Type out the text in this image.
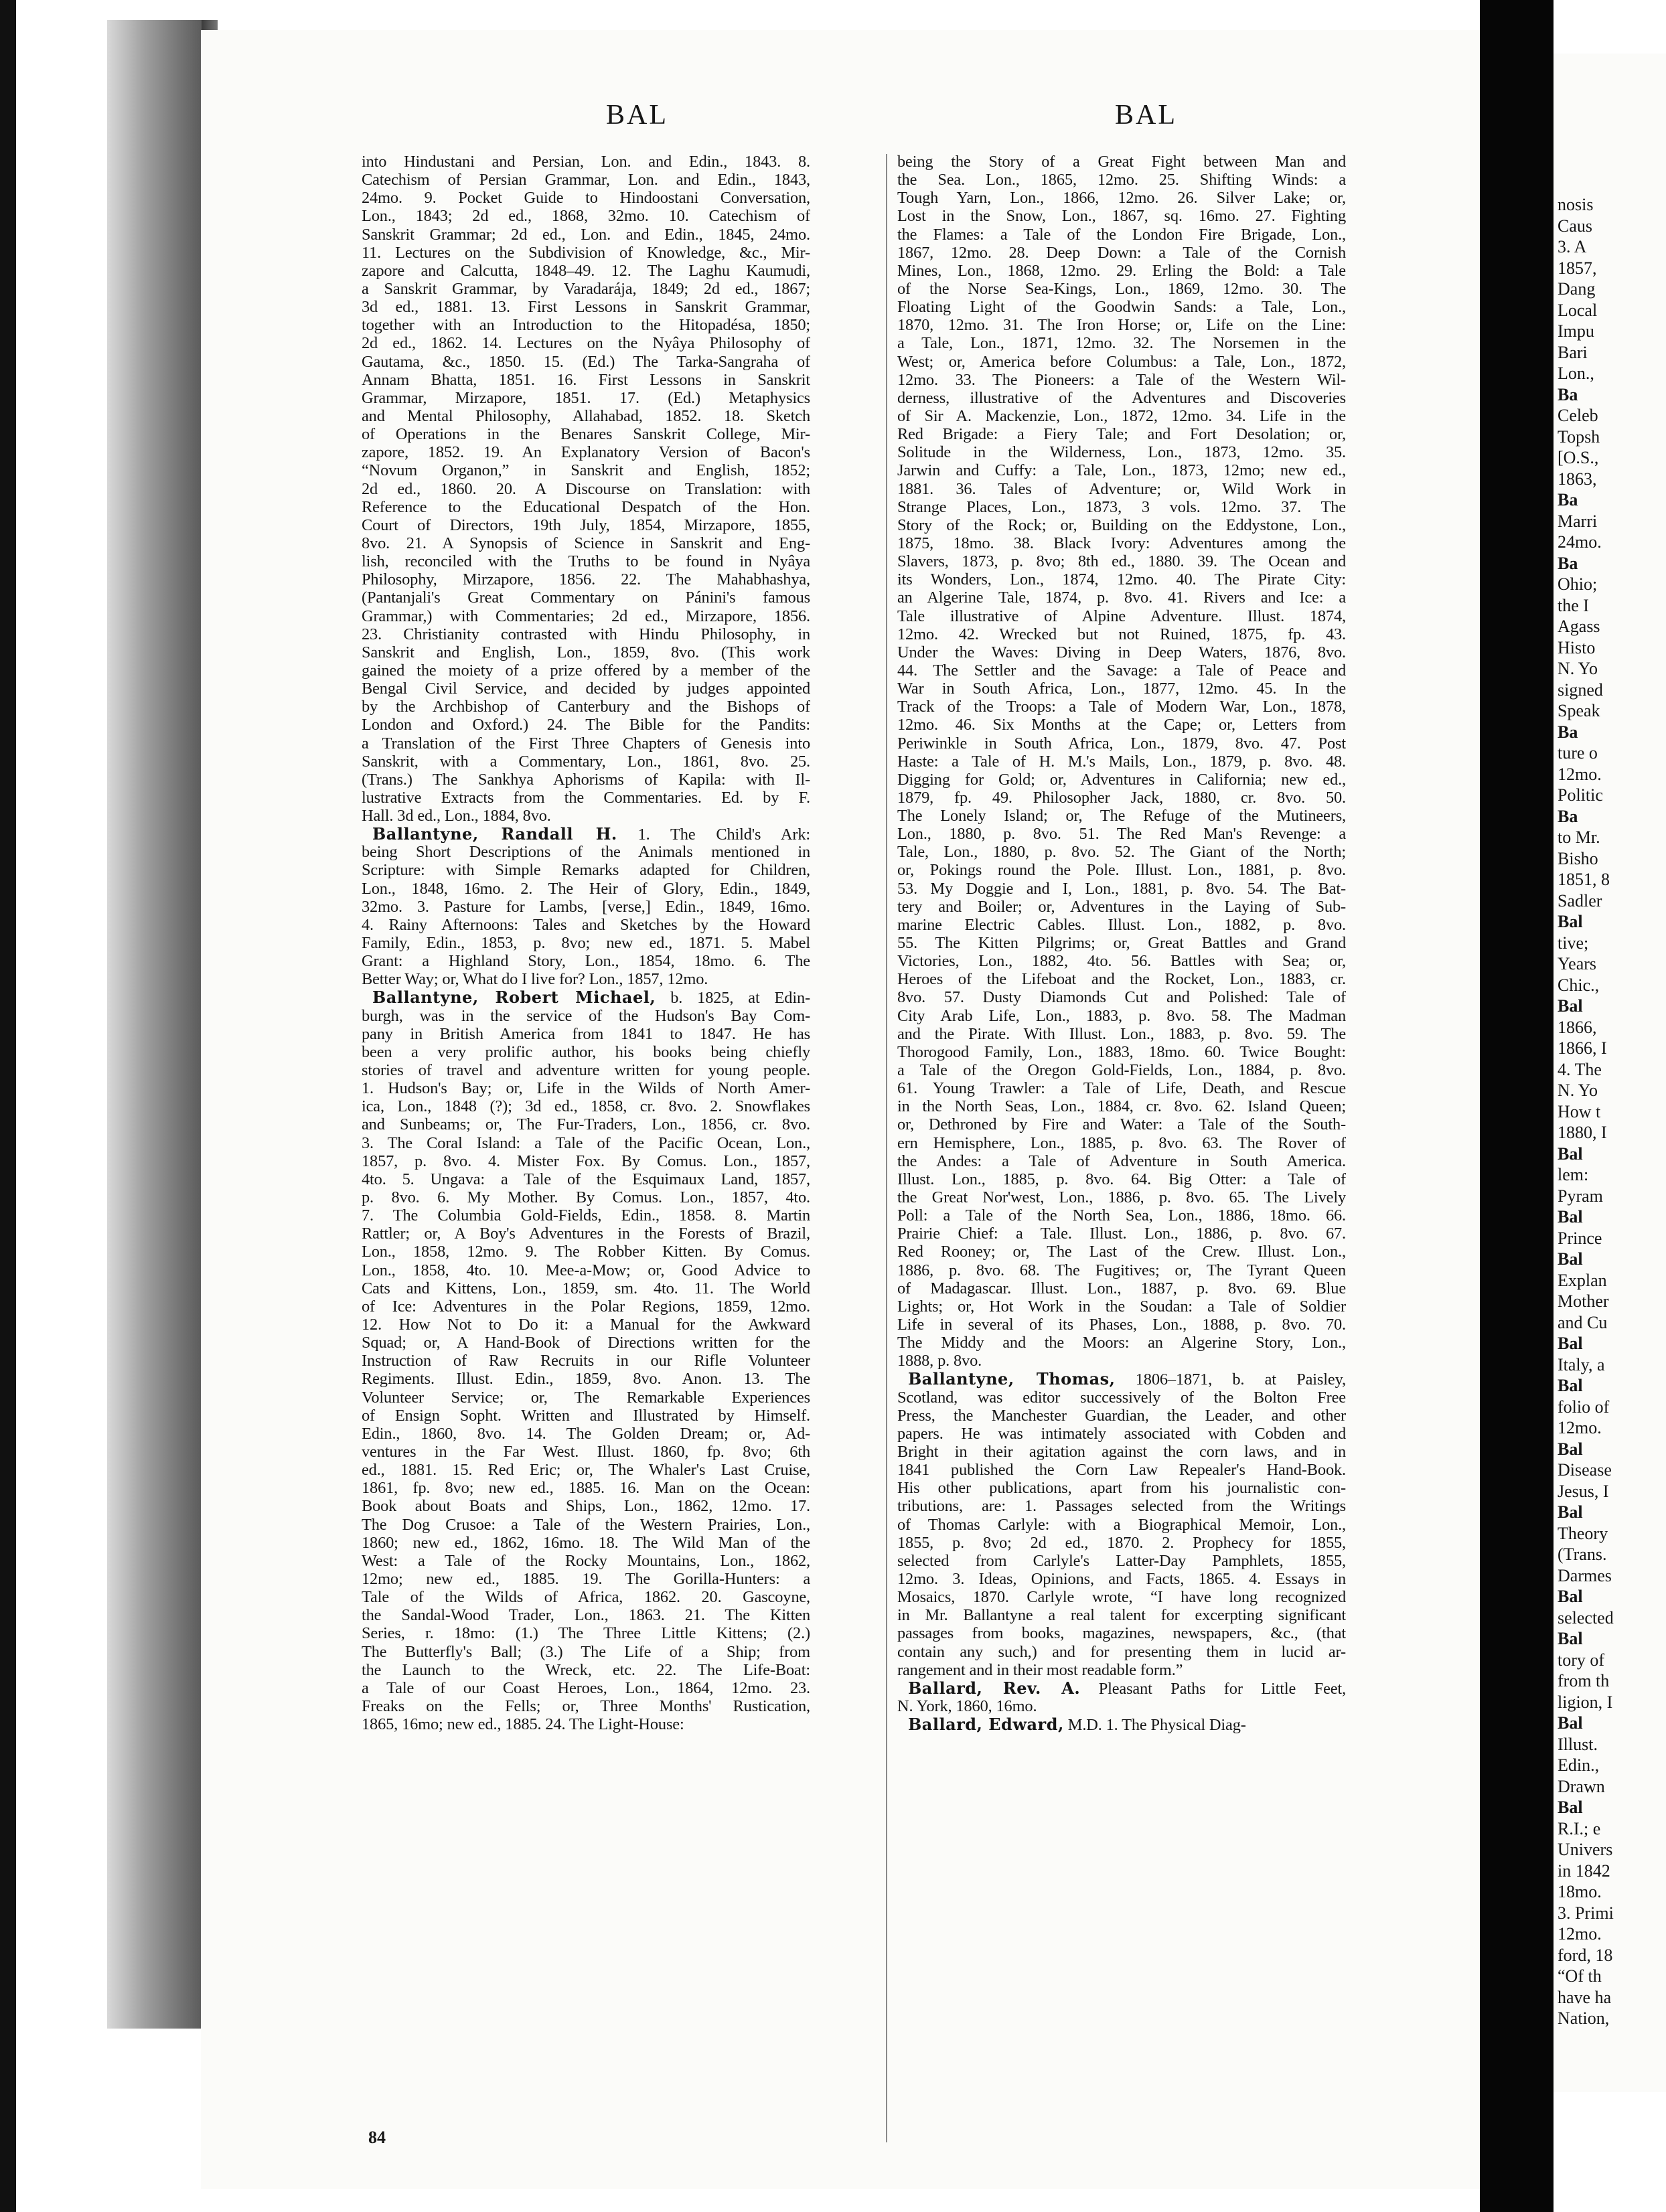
BAL	BAL
into Hindustani and Persian, Lon. and Edin., 1843. 8.
Catechism of Persian Grammar, Lon. and Edin., 1843,
24mo. 9. Pocket Guide to Hindoostani Conversation,
Lon., 1843; 2d ed., 1868, 32mo. 10. Catechism of
Sanskrit Grammar; 2d ed., Lon. and Edin., 1845, 24mo.
11. Lectures on the Subdivision of Knowledge, &c., Mir-
zapore and Calcutta, 1848–49. 12. The Laghu Kaumudi,
a Sanskrit Grammar, by Varadarája, 1849; 2d ed., 1867;
3d ed., 1881. 13. First Lessons in Sanskrit Grammar,
together with an Introduction to the Hitopadésa, 1850;
2d ed., 1862. 14. Lectures on the Nyâya Philosophy of
Gautama, &c., 1850. 15. (Ed.) The Tarka-Sangraha of
Annam Bhatta, 1851. 16. First Lessons in Sanskrit
Grammar, Mirzapore, 1851. 17. (Ed.) Metaphysics
and Mental Philosophy, Allahabad, 1852. 18. Sketch
of Operations in the Benares Sanskrit College, Mir-
zapore, 1852. 19. An Explanatory Version of Bacon's
“Novum Organon,” in Sanskrit and English, 1852;
2d ed., 1860. 20. A Discourse on Translation: with
Reference to the Educational Despatch of the Hon.
Court of Directors, 19th July, 1854, Mirzapore, 1855,
8vo. 21. A Synopsis of Science in Sanskrit and Eng-
lish, reconciled with the Truths to be found in Nyâya
Philosophy, Mirzapore, 1856. 22. The Mahabhashya,
(Pantanjali's Great Commentary on Pánini's famous
Grammar,) with Commentaries; 2d ed., Mirzapore, 1856.
23. Christianity contrasted with Hindu Philosophy, in
Sanskrit and English, Lon., 1859, 8vo. (This work
gained the moiety of a prize offered by a member of the
Bengal Civil Service, and decided by judges appointed
by the Archbishop of Canterbury and the Bishops of
London and Oxford.) 24. The Bible for the Pandits:
a Translation of the First Three Chapters of Genesis into
Sanskrit, with a Commentary, Lon., 1861, 8vo. 25.
(Trans.) The Sankhya Aphorisms of Kapila: with Il-
lustrative Extracts from the Commentaries. Ed. by F.
Hall. 3d ed., Lon., 1884, 8vo.
Ballantyne, Randall H. 1. The Child's Ark:
being Short Descriptions of the Animals mentioned in
Scripture: with Simple Remarks adapted for Children,
Lon., 1848, 16mo. 2. The Heir of Glory, Edin., 1849,
32mo. 3. Pasture for Lambs, [verse,] Edin., 1849, 16mo.
4. Rainy Afternoons: Tales and Sketches by the Howard
Family, Edin., 1853, p. 8vo; new ed., 1871. 5. Mabel
Grant: a Highland Story, Lon., 1854, 18mo. 6. The
Better Way; or, What do I live for? Lon., 1857, 12mo.
Ballantyne, Robert Michael, b. 1825, at Edin-
burgh, was in the service of the Hudson's Bay Com-
pany in British America from 1841 to 1847. He has
been a very prolific author, his books being chiefly
stories of travel and adventure written for young people.
1. Hudson's Bay; or, Life in the Wilds of North Amer-
ica, Lon., 1848 (?); 3d ed., 1858, cr. 8vo. 2. Snowflakes
and Sunbeams; or, The Fur-Traders, Lon., 1856, cr. 8vo.
3. The Coral Island: a Tale of the Pacific Ocean, Lon.,
1857, p. 8vo. 4. Mister Fox. By Comus. Lon., 1857,
4to. 5. Ungava: a Tale of the Esquimaux Land, 1857,
p. 8vo. 6. My Mother. By Comus. Lon., 1857, 4to.
7. The Columbia Gold-Fields, Edin., 1858. 8. Martin
Rattler; or, A Boy's Adventures in the Forests of Brazil,
Lon., 1858, 12mo. 9. The Robber Kitten. By Comus.
Lon., 1858, 4to. 10. Mee-a-Mow; or, Good Advice to
Cats and Kittens, Lon., 1859, sm. 4to. 11. The World
of Ice: Adventures in the Polar Regions, 1859, 12mo.
12. How Not to Do it: a Manual for the Awkward
Squad; or, A Hand-Book of Directions written for the
Instruction of Raw Recruits in our Rifle Volunteer
Regiments. Illust. Edin., 1859, 8vo. Anon. 13. The
Volunteer Service; or, The Remarkable Experiences
of Ensign Sopht. Written and Illustrated by Himself.
Edin., 1860, 8vo. 14. The Golden Dream; or, Ad-
ventures in the Far West. Illust. 1860, fp. 8vo; 6th
ed., 1881. 15. Red Eric; or, The Whaler's Last Cruise,
1861, fp. 8vo; new ed., 1885. 16. Man on the Ocean:
Book about Boats and Ships, Lon., 1862, 12mo. 17.
The Dog Crusoe: a Tale of the Western Prairies, Lon.,
1860; new ed., 1862, 16mo. 18. The Wild Man of the
West: a Tale of the Rocky Mountains, Lon., 1862,
12mo; new ed., 1885. 19. The Gorilla-Hunters: a
Tale of the Wilds of Africa, 1862. 20. Gascoyne,
the Sandal-Wood Trader, Lon., 1863. 21. The Kitten
Series, r. 18mo: (1.) The Three Little Kittens; (2.)
The Butterfly's Ball; (3.) The Life of a Ship; from
the Launch to the Wreck, etc. 22. The Life-Boat:
a Tale of our Coast Heroes, Lon., 1864, 12mo. 23.
Freaks on the Fells; or, Three Months' Rustication,
1865, 16mo; new ed., 1885. 24. The Light-House:
being the Story of a Great Fight between Man and
the Sea. Lon., 1865, 12mo. 25. Shifting Winds: a
Tough Yarn, Lon., 1866, 12mo. 26. Silver Lake; or,
Lost in the Snow, Lon., 1867, sq. 16mo. 27. Fighting
the Flames: a Tale of the London Fire Brigade, Lon.,
1867, 12mo. 28. Deep Down: a Tale of the Cornish
Mines, Lon., 1868, 12mo. 29. Erling the Bold: a Tale
of the Norse Sea-Kings, Lon., 1869, 12mo. 30. The
Floating Light of the Goodwin Sands: a Tale, Lon.,
1870, 12mo. 31. The Iron Horse; or, Life on the Line:
a Tale, Lon., 1871, 12mo. 32. The Norsemen in the
West; or, America before Columbus: a Tale, Lon., 1872,
12mo. 33. The Pioneers: a Tale of the Western Wil-
derness, illustrative of the Adventures and Discoveries
of Sir A. Mackenzie, Lon., 1872, 12mo. 34. Life in the
Red Brigade: a Fiery Tale; and Fort Desolation; or,
Solitude in the Wilderness, Lon., 1873, 12mo. 35.
Jarwin and Cuffy: a Tale, Lon., 1873, 12mo; new ed.,
1881. 36. Tales of Adventure; or, Wild Work in
Strange Places, Lon., 1873, 3 vols. 12mo. 37. The
Story of the Rock; or, Building on the Eddystone, Lon.,
1875, 18mo. 38. Black Ivory: Adventures among the
Slavers, 1873, p. 8vo; 8th ed., 1880. 39. The Ocean and
its Wonders, Lon., 1874, 12mo. 40. The Pirate City:
an Algerine Tale, 1874, p. 8vo. 41. Rivers and Ice: a
Tale illustrative of Alpine Adventure. Illust. 1874,
12mo. 42. Wrecked but not Ruined, 1875, fp. 43.
Under the Waves: Diving in Deep Waters, 1876, 8vo.
44. The Settler and the Savage: a Tale of Peace and
War in South Africa, Lon., 1877, 12mo. 45. In the
Track of the Troops: a Tale of Modern War, Lon., 1878,
12mo. 46. Six Months at the Cape; or, Letters from
Periwinkle in South Africa, Lon., 1879, 8vo. 47. Post
Haste: a Tale of H. M.'s Mails, Lon., 1879, p. 8vo. 48.
Digging for Gold; or, Adventures in California; new ed.,
1879, fp. 49. Philosopher Jack, 1880, cr. 8vo. 50.
The Lonely Island; or, The Refuge of the Mutineers,
Lon., 1880, p. 8vo. 51. The Red Man's Revenge: a
Tale, Lon., 1880, p. 8vo. 52. The Giant of the North;
or, Pokings round the Pole. Illust. Lon., 1881, p. 8vo.
53. My Doggie and I, Lon., 1881, p. 8vo. 54. The Bat-
tery and Boiler; or, Adventures in the Laying of Sub-
marine Electric Cables. Illust. Lon., 1882, p. 8vo.
55. The Kitten Pilgrims; or, Great Battles and Grand
Victories, Lon., 1882, 4to. 56. Battles with Sea; or,
Heroes of the Lifeboat and the Rocket, Lon., 1883, cr.
8vo. 57. Dusty Diamonds Cut and Polished: Tale of
City Arab Life, Lon., 1883, p. 8vo. 58. The Madman
and the Pirate. With Illust. Lon., 1883, p. 8vo. 59. The
Thorogood Family, Lon., 1883, 18mo. 60. Twice Bought:
a Tale of the Oregon Gold-Fields, Lon., 1884, p. 8vo.
61. Young Trawler: a Tale of Life, Death, and Rescue
in the North Seas, Lon., 1884, cr. 8vo. 62. Island Queen;
or, Dethroned by Fire and Water: a Tale of the South-
ern Hemisphere, Lon., 1885, p. 8vo. 63. The Rover of
the Andes: a Tale of Adventure in South America.
Illust. Lon., 1885, p. 8vo. 64. Big Otter: a Tale of
the Great Nor'west, Lon., 1886, p. 8vo. 65. The Lively
Poll: a Tale of the North Sea, Lon., 1886, 18mo. 66.
Prairie Chief: a Tale. Illust. Lon., 1886, p. 8vo. 67.
Red Rooney; or, The Last of the Crew. Illust. Lon.,
1886, p. 8vo. 68. The Fugitives; or, The Tyrant Queen
of Madagascar. Illust. Lon., 1887, p. 8vo. 69. Blue
Lights; or, Hot Work in the Soudan: a Tale of Soldier
Life in several of its Phases, Lon., 1888, p. 8vo. 70.
The Middy and the Moors: an Algerine Story, Lon.,
1888, p. 8vo.
Ballantyne, Thomas, 1806–1871, b. at Paisley,
Scotland, was editor successively of the Bolton Free
Press, the Manchester Guardian, the Leader, and other
papers. He was intimately associated with Cobden and
Bright in their agitation against the corn laws, and in
1841 published the Corn Law Repealer's Hand-Book.
His other publications, apart from his journalistic con-
tributions, are: 1. Passages selected from the Writings
of Thomas Carlyle: with a Biographical Memoir, Lon.,
1855, p. 8vo; 2d ed., 1870. 2. Prophecy for 1855,
selected from Carlyle's Latter-Day Pamphlets, 1855,
12mo. 3. Ideas, Opinions, and Facts, 1865. 4. Essays in
Mosaics, 1870. Carlyle wrote, “I have long recognized
in Mr. Ballantyne a real talent for excerpting significant
passages from books, magazines, newspapers, &c., (that
contain any such,) and for presenting them in lucid ar-
rangement and in their most readable form.”
Ballard, Rev. A. Pleasant Paths for Little Feet,
N. York, 1860, 16mo.
Ballard, Edward, M.D. 1. The Physical Diag-
84
nosis
Caus
3. A
1857,
Dang
Local
Impu
Bari
Lon.,
Ba
Celeb
Topsh
[O.S.,
1863,
Ba
Marri
24mo.
Ba
Ohio;
the I
Agass
Histo
N. Yo
signed
Speak
Ba
ture o
12mo.
Politic
Ba
to Mr.
Bisho
1851, 8
Sadler
Bal
tive;
Years
Chic.,
Bal
1866,
1866, I
4. The
N. Yo
How t
1880, I
Bal
lem:
Pyram
Bal
Prince
Bal
Explan
Mother
and Cu
Bal
Italy, a
Bal
folio of
12mo.
Bal
Disease
Jesus, I
Bal
Theory
(Trans.
Darmes
Bal
selected
Bal
tory of
from th
ligion, I
Bal
Illust.
Edin.,
Drawn
Bal
R.I.; e
Univers
in 1842
18mo.
3. Primi
12mo.
ford, 18
“Of th
have ha
Nation,
